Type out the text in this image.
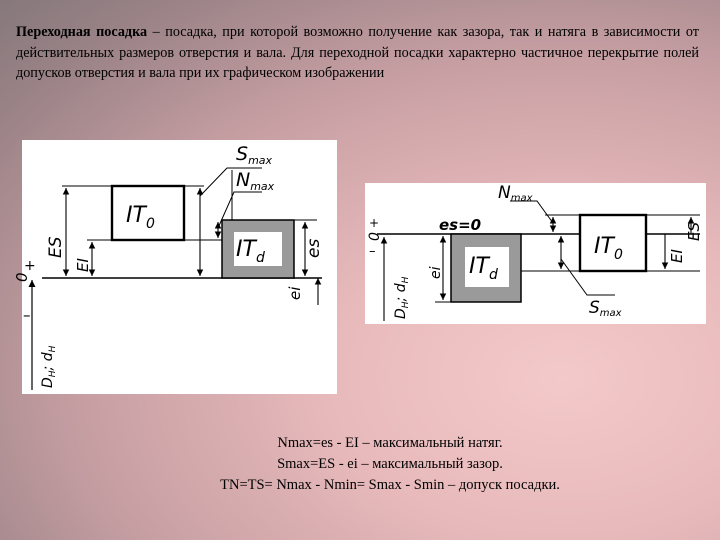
Переходная посадка – посадка, при которой возможно получение как зазора, так и натяга в зависимости от действительных размеров отверстия и вала. Для переходной посадки характерно частичное перекрытие полей допусков отверстия и вала при их графическом изображении

$S_{max}$
$N_{max}$
$IT_0$
$IT_d$
ES
EI
es
ei
+
0
–
$D_H$; $d_H$
Nmax
es=0
$IT_d$
$IT_0$
Smax
ei
EI
ES
+
0
–
$D_H$; $d_H$
Nmax=es - EI – максимальный натяг.
Smax=ES - ei – максимальный зазор.
TN=TS= Nmax - Nmin= Smax - Smin – допуск посадки.
